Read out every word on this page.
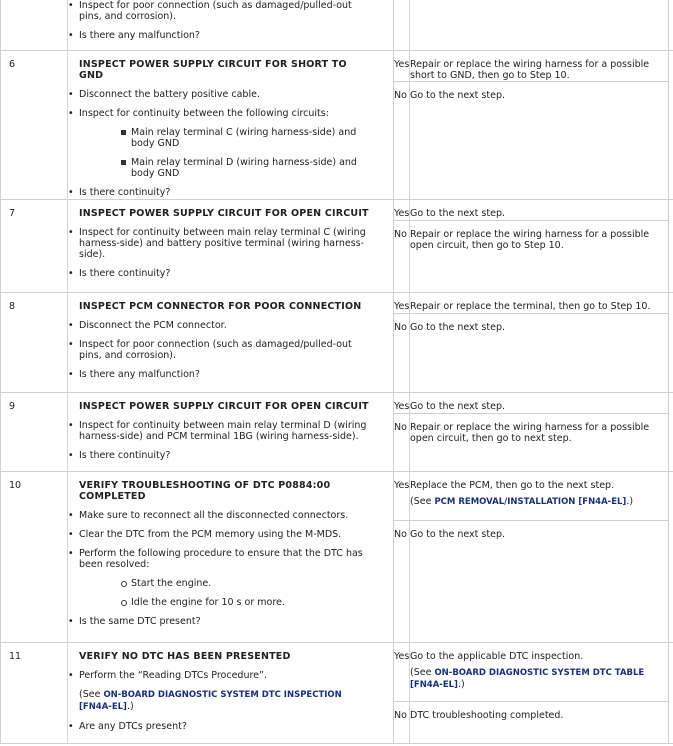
• Inspect for poor connection (such as damaged/pulled-out pins, and corrosion).
• Is there any malfunction?
6	INSPECT POWER SUPPLY CIRCUIT FOR SHORT TO GND
• Disconnect the battery positive cable.
• Inspect for continuity between the following circuits:
Main relay terminal C (wiring harness-side) and body GND
Main relay terminal D (wiring harness-side) and body GND
• Is there continuity?
Yes Repair or replace the wiring harness for a possible short to GND, then go to Step 10.
No Go to the next step.
7	INSPECT POWER SUPPLY CIRCUIT FOR OPEN CIRCUIT
• Inspect for continuity between main relay terminal C (wiring harness-side) and battery positive terminal (wiring harness-side).
• Is there continuity?
Yes Go to the next step.
No Repair or replace the wiring harness for a possible open circuit, then go to Step 10.
8	INSPECT PCM CONNECTOR FOR POOR CONNECTION
• Disconnect the PCM connector.
• Inspect for poor connection (such as damaged/pulled-out pins, and corrosion).
• Is there any malfunction?
Yes Repair or replace the terminal, then go to Step 10.
No Go to the next step.
9	INSPECT POWER SUPPLY CIRCUIT FOR OPEN CIRCUIT
• Inspect for continuity between main relay terminal D (wiring harness-side) and PCM terminal 1BG (wiring harness-side).
• Is there continuity?
Yes Go to the next step.
No Repair or replace the wiring harness for a possible open circuit, then go to next step.
10	VERIFY TROUBLESHOOTING OF DTC P0884:00 COMPLETED
• Make sure to reconnect all the disconnected connectors.
• Clear the DTC from the PCM memory using the M-MDS.
• Perform the following procedure to ensure that the DTC has been resolved:
Start the engine.
Idle the engine for 10 s or more.
• Is the same DTC present?
Yes Replace the PCM, then go to the next step.
(See PCM REMOVAL/INSTALLATION [FN4A-EL].)
No Go to the next step.
11	VERIFY NO DTC HAS BEEN PRESENTED
• Perform the “Reading DTCs Procedure”.
(See ON-BOARD DIAGNOSTIC SYSTEM DTC INSPECTION [FN4A-EL].)
• Are any DTCs present?
Yes Go to the applicable DTC inspection.
(See ON-BOARD DIAGNOSTIC SYSTEM DTC TABLE [FN4A-EL].)
No DTC troubleshooting completed.
